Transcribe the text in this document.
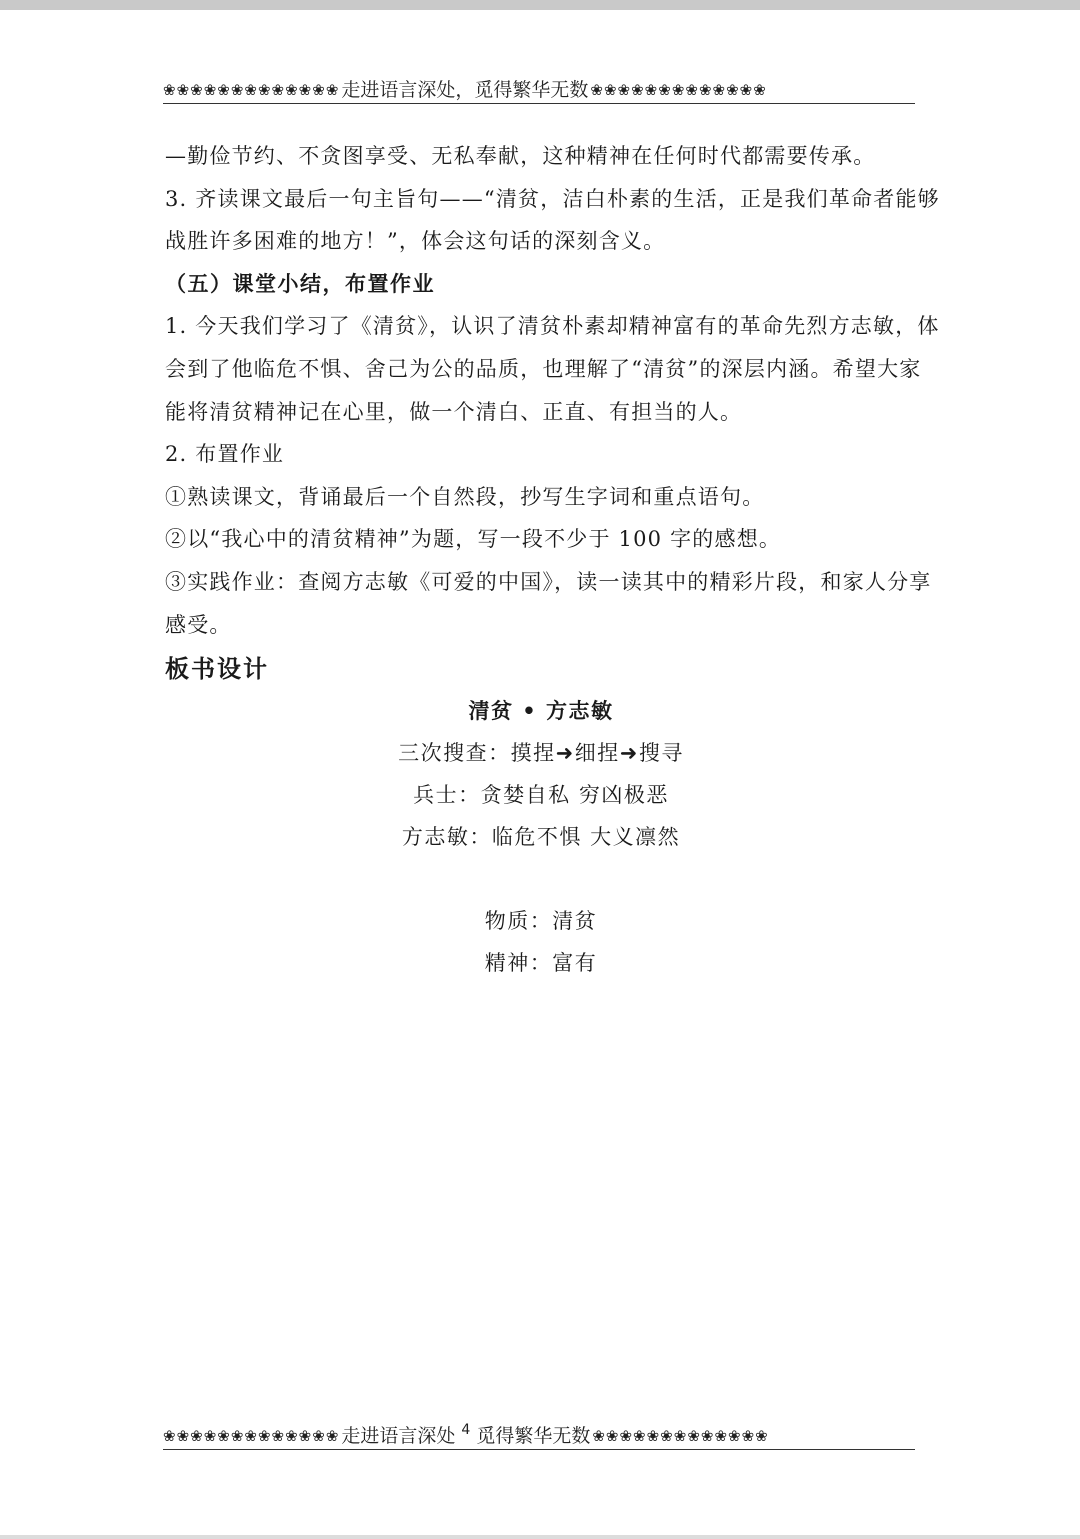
❀❀❀❀❀❀❀❀❀❀❀❀❀ 走进语言深处，觅得繁华无数 ❀❀❀❀❀❀❀❀❀❀❀❀❀

—勤俭节约、不贪图享受、无私奉献，这种精神在任何时代都需要传承。

3. 齐读课文最后一句主旨句——“清贫，洁白朴素的生活，正是我们革命者能够

战胜许多困难的地方！”，体会这句话的深刻含义。

（五）课堂小结，布置作业

1. 今天我们学习了《清贫》，认识了清贫朴素却精神富有的革命先烈方志敏，体

会到了他临危不惧、舍己为公的品质，也理解了“清贫”的深层内涵。希望大家

能将清贫精神记在心里，做一个清白、正直、有担当的人。

2. 布置作业

①熟读课文，背诵最后一个自然段，抄写生字词和重点语句。

②以“我心中的清贫精神”为题，写一段不少于 100 字的感想。

③实践作业：查阅方志敏《可爱的中国》，读一读其中的精彩片段，和家人分享

感受。

板书设计

清贫 • 方志敏

三次搜查：摸捏➜细捏➜搜寻

兵士：贪婪自私 穷凶极恶

方志敏：临危不惧 大义凛然

物质：清贫

精神：富有

❀❀❀❀❀❀❀❀❀❀❀❀❀ 走进语言深处 4 觅得繁华无数 ❀❀❀❀❀❀❀❀❀❀❀❀❀
